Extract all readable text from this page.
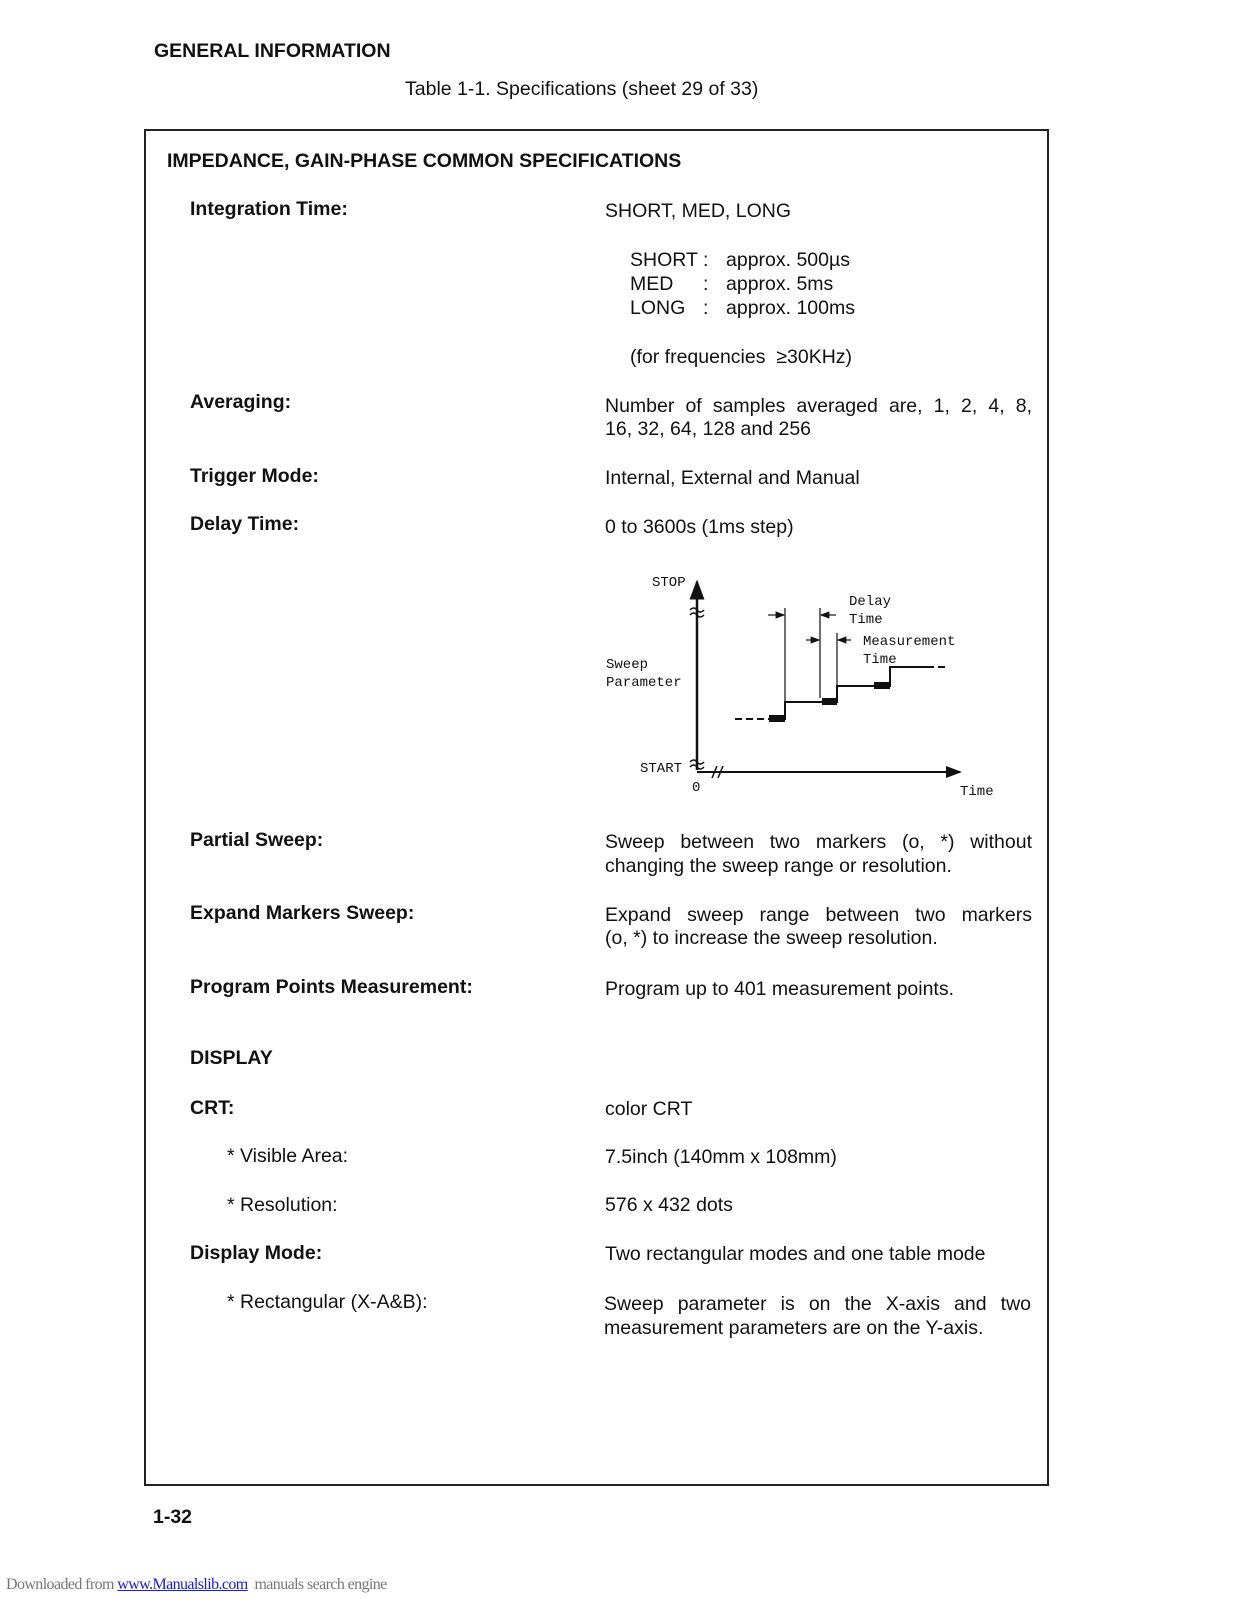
GENERAL INFORMATION
Table 1-1. Specifications (sheet 29 of 33)
IMPEDANCE, GAIN-PHASE COMMON SPECIFICATIONS
Integration Time:	SHORT, MED, LONG
SHORT : approx. 500µs
MED : approx. 5ms
LONG : approx. 100ms
(for frequencies  ≥30KHz)
Averaging:	Number of samples averaged are, 1, 2, 4, 8,
16, 32, 64, 128 and 256
Trigger Mode:	Internal, External and Manual
Delay Time:	0 to 3600s (1ms step)
STOP
START
0	Time
Sweep
Parameter
Delay
Time
Measurement
Time
Partial Sweep:	Sweep between two markers (o, *) without
changing the sweep range or resolution.
Expand Markers Sweep:	Expand sweep range between two markers
(o, *) to increase the sweep resolution.
Program Points Measurement:	Program up to 401 measurement points.
DISPLAY
CRT:	color CRT
* Visible Area:	7.5inch (140mm x 108mm)
* Resolution:	576 x 432 dots
Display Mode:	Two rectangular modes and one table mode
* Rectangular (X-A&B):	Sweep parameter is on the X-axis and two
measurement parameters are on the Y-axis.
1-32
Downloaded from www.Manualslib.com  manuals search engine
